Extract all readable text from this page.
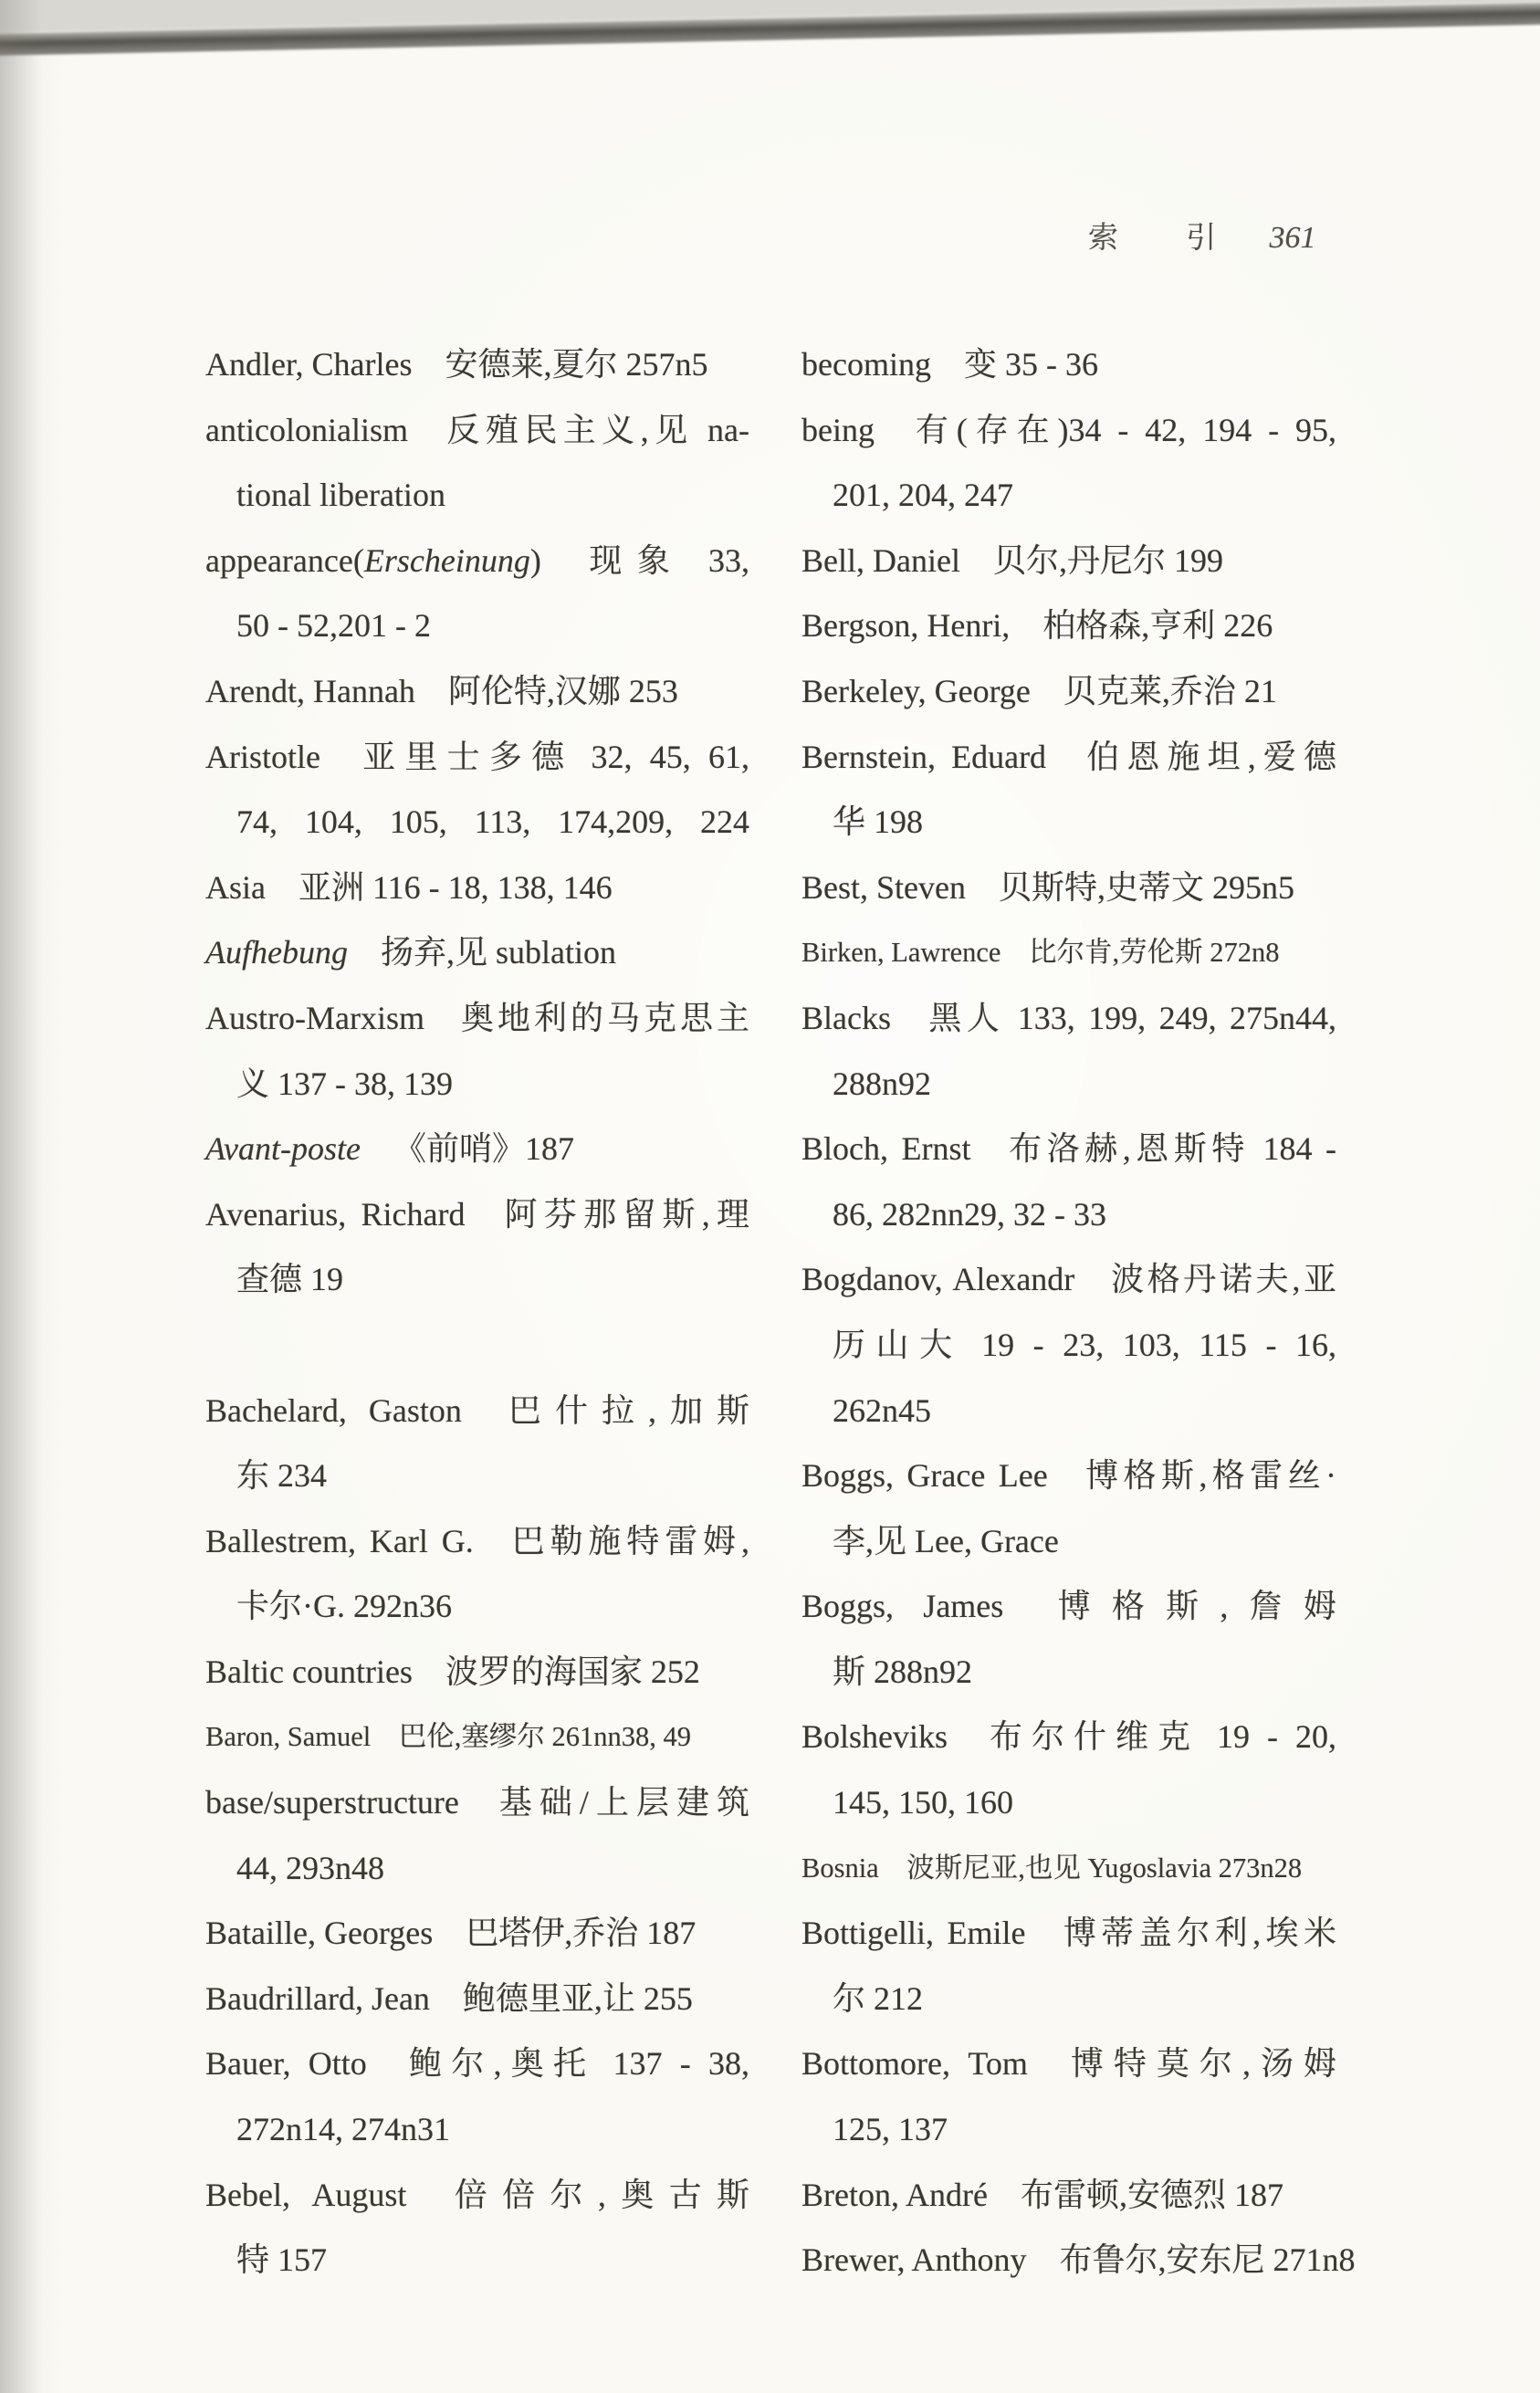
索 引 361
Andler, Charles 安德莱,夏尔 257n5
anticolonialism 反殖民主义,见 na-
tional liberation
appearance(Erscheinung) 现象 33,
50 - 52,201 - 2
Arendt, Hannah 阿伦特,汉娜 253
Aristotle 亚里士多德 32, 45, 61,
74, 104, 105, 113, 174,209, 224
Asia 亚洲 116 - 18, 138, 146
Aufhebung 扬弃,见 sublation
Austro-Marxism 奥地利的马克思主
义 137 - 38, 139
Avant-poste 《前哨》187
Avenarius, Richard 阿芬那留斯,理
查德 19
Bachelard, Gaston 巴什拉,加斯
东 234
Ballestrem, Karl G. 巴勒施特雷姆,
卡尔·G. 292n36
Baltic countries 波罗的海国家 252
Baron, Samuel 巴伦,塞缪尔 261nn38, 49
base/superstructure 基础/上层建筑
44, 293n48
Bataille, Georges 巴塔伊,乔治 187
Baudrillard, Jean 鲍德里亚,让 255
Bauer, Otto 鲍尔,奥托 137 - 38,
272n14, 274n31
Bebel, August 倍倍尔,奥古斯
特 157
becoming 变 35 - 36
being 有(存在)34 - 42, 194 - 95,
201, 204, 247
Bell, Daniel 贝尔,丹尼尔 199
Bergson, Henri, 柏格森,亨利 226
Berkeley, George 贝克莱,乔治 21
Bernstein, Eduard 伯恩施坦,爱德
华 198
Best, Steven 贝斯特,史蒂文 295n5
Birken, Lawrence 比尔肯,劳伦斯 272n8
Blacks 黑人 133, 199, 249, 275n44,
288n92
Bloch, Ernst 布洛赫,恩斯特 184 -
86, 282nn29, 32 - 33
Bogdanov, Alexandr 波格丹诺夫,亚
历山大 19 - 23, 103, 115 - 16,
262n45
Boggs, Grace Lee 博格斯,格雷丝·
李,见 Lee, Grace
Boggs, James 博格斯,詹姆
斯 288n92
Bolsheviks 布尔什维克 19 - 20,
145, 150, 160
Bosnia 波斯尼亚,也见 Yugoslavia 273n28
Bottigelli, Emile 博蒂盖尔利,埃米
尔 212
Bottomore, Tom 博特莫尔,汤姆
125, 137
Breton, André 布雷顿,安德烈 187
Brewer, Anthony 布鲁尔,安东尼 271n8
